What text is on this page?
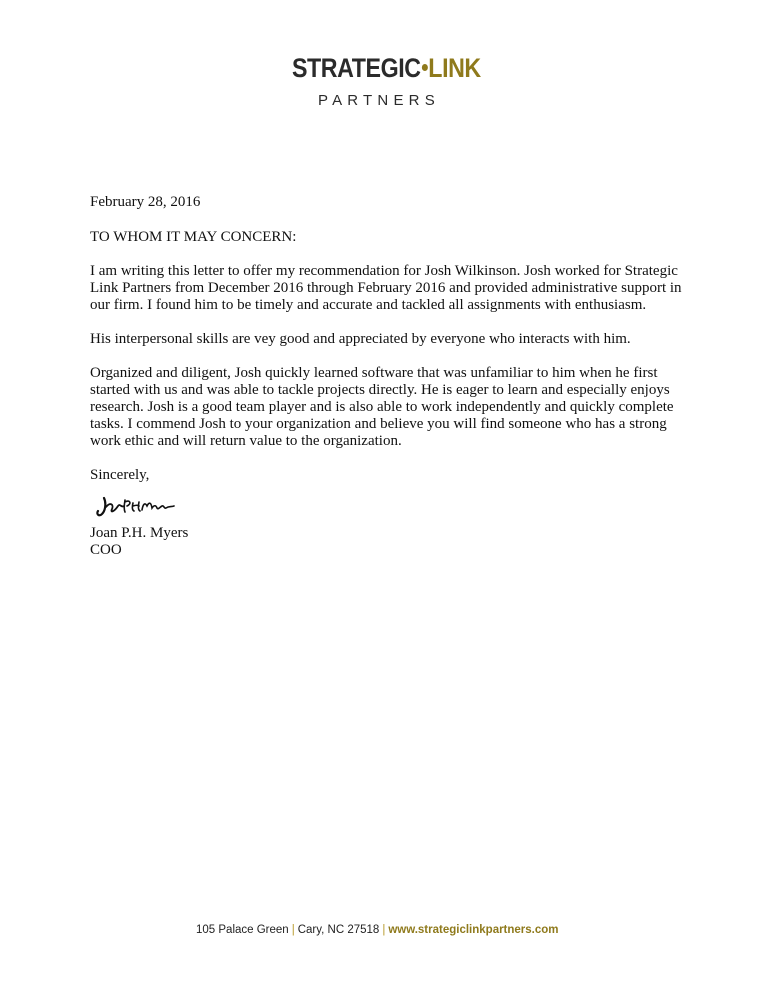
STRATEGIC LINK
PARTNERS

February 28, 2016

TO WHOM IT MAY CONCERN:

I am writing this letter to offer my recommendation for Josh Wilkinson. Josh worked for Strategic Link Partners from December 2016 through February 2016 and provided administrative support in our firm. I found him to be timely and accurate and tackled all assignments with enthusiasm.

His interpersonal skills are vey good and appreciated by everyone who interacts with him.

Organized and diligent, Josh quickly learned software that was unfamiliar to him when he first started with us and was able to tackle projects directly. He is eager to learn and especially enjoys research. Josh is a good team player and is also able to work independently and quickly complete tasks. I commend Josh to your organization and believe you will find someone who has a strong work ethic and will return value to the organization.

Sincerely,

Joan P.H. Myers

COO

105 Palace Green | Cary, NC 27518 | www.strategiclinkpartners.com
